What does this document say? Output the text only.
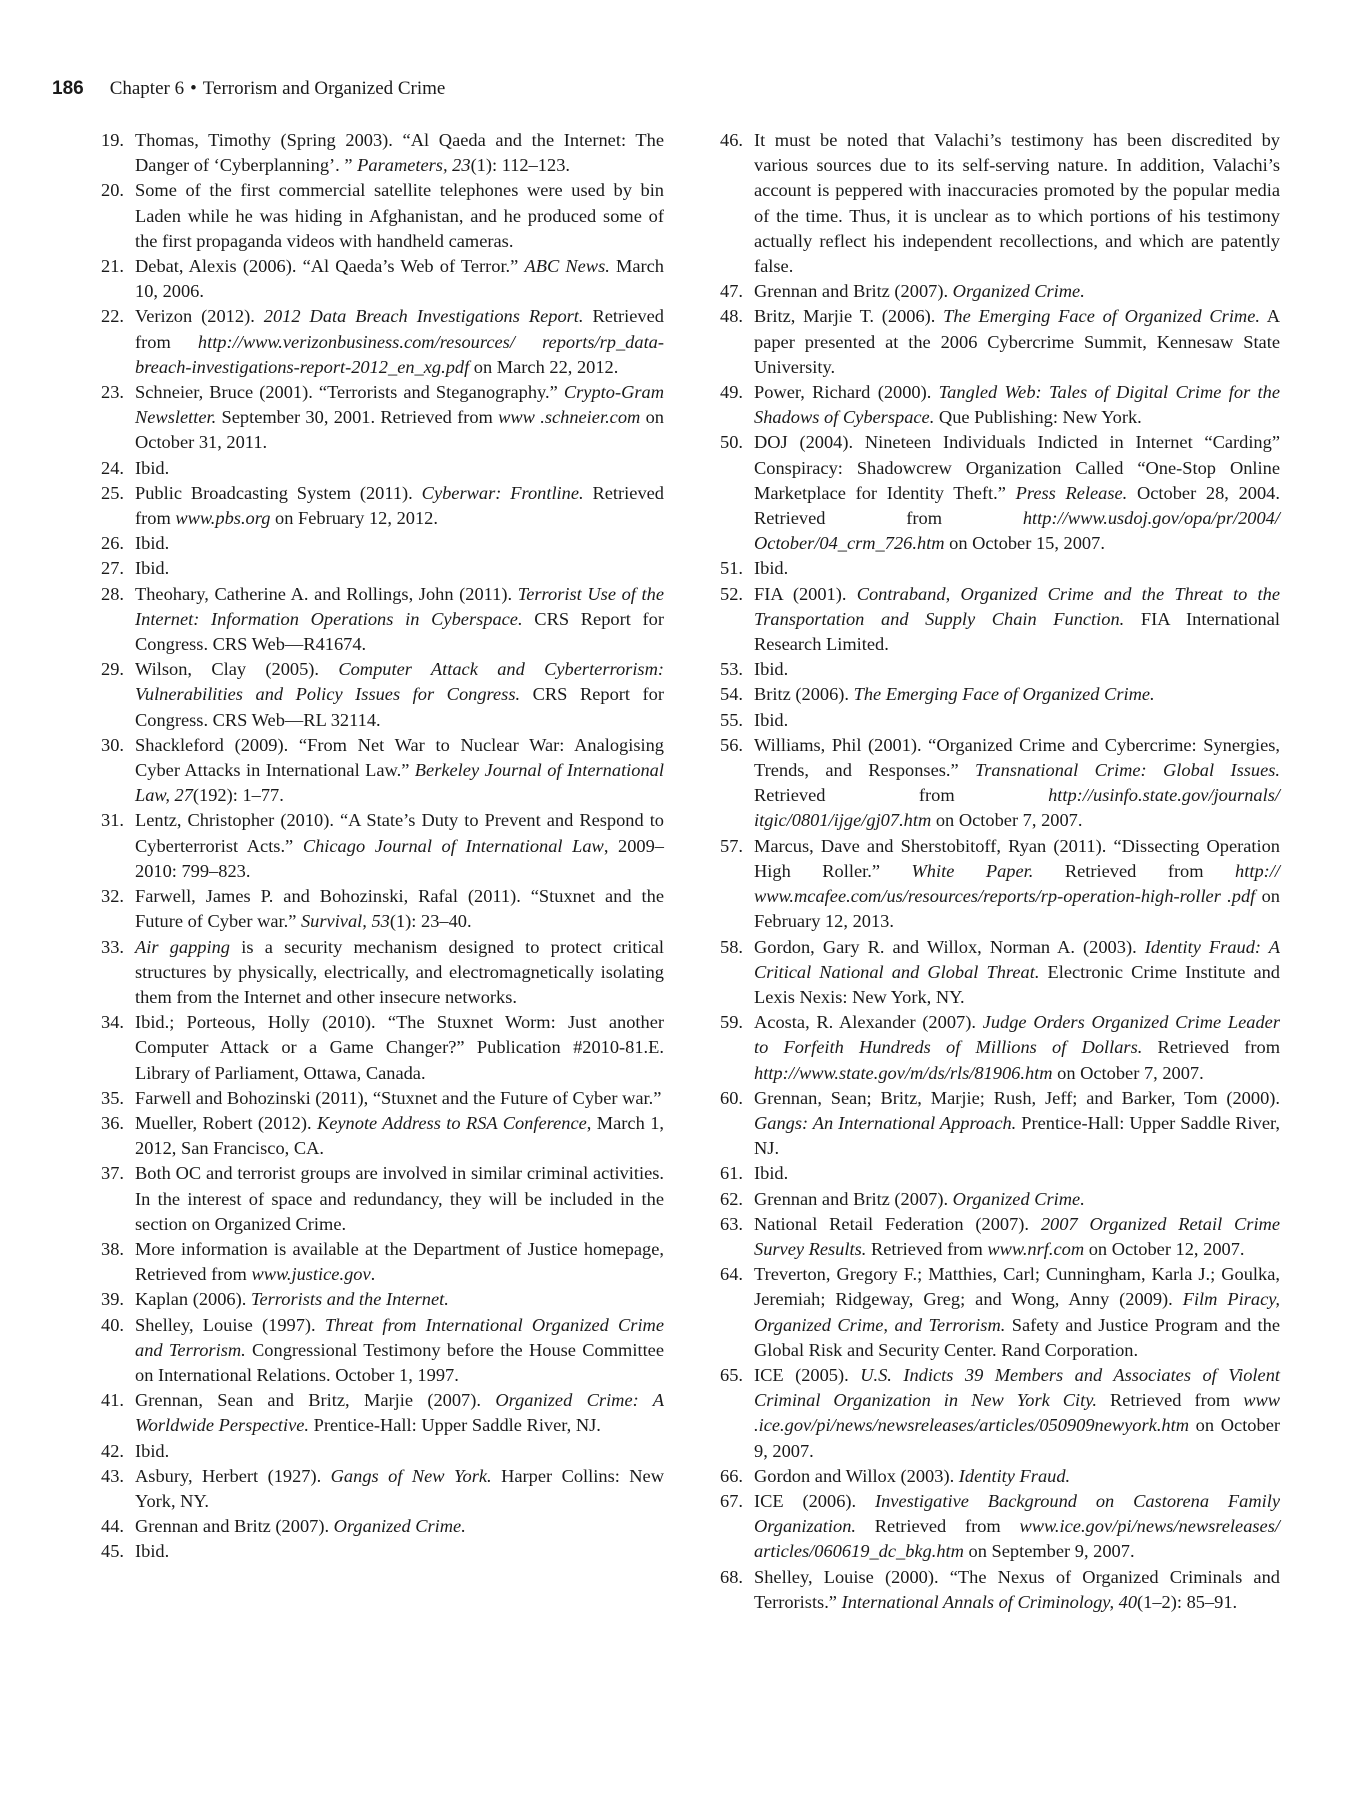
186 Chapter 6 • Terrorism and Organized Crime
19. Thomas, Timothy (Spring 2003). “Al Qaeda and the Internet: The Danger of ‘Cyberplanning’. ” Parameters, 23(1): 112–123.
20. Some of the first commercial satellite telephones were used by bin Laden while he was hiding in Afghanistan, and he produced some of the first propaganda videos with handheld cameras.
21. Debat, Alexis (2006). “Al Qaeda’s Web of Terror.” ABC News. March 10, 2006.
22. Verizon (2012). 2012 Data Breach Investigations Report. Retrieved from http://www.verizonbusiness.com/resources/ reports/rp_data-breach-investigations-report-2012_en_xg.pdf on March 22, 2012.
23. Schneier, Bruce (2001). “Terrorists and Steganography.” Crypto-Gram Newsletter. September 30, 2001. Retrieved from www .schneier.com on October 31, 2011.
24. Ibid.
25. Public Broadcasting System (2011). Cyberwar: Frontline. Retrieved from www.pbs.org on February 12, 2012.
26. Ibid.
27. Ibid.
28. Theohary, Catherine A. and Rollings, John (2011). Terrorist Use of the Internet: Information Operations in Cyberspace. CRS Report for Congress. CRS Web—R41674.
29. Wilson, Clay (2005). Computer Attack and Cyberterrorism: Vulnerabilities and Policy Issues for Congress. CRS Report for Congress. CRS Web—RL 32114.
30. Shackleford (2009). “From Net War to Nuclear War: Analogising Cyber Attacks in International Law.” Berkeley Journal of International Law, 27(192): 1–77.
31. Lentz, Christopher (2010). “A State’s Duty to Prevent and Respond to Cyberterrorist Acts.” Chicago Journal of International Law, 2009–2010: 799–823.
32. Farwell, James P. and Bohozinski, Rafal (2011). “Stuxnet and the Future of Cyber war.” Survival, 53(1): 23–40.
33. Air gapping is a security mechanism designed to protect critical structures by physically, electrically, and electromagnetically isolating them from the Internet and other insecure networks.
34. Ibid.; Porteous, Holly (2010). “The Stuxnet Worm: Just another Computer Attack or a Game Changer?” Publication #2010-81.E. Library of Parliament, Ottawa, Canada.
35. Farwell and Bohozinski (2011), “Stuxnet and the Future of Cyber war.”
36. Mueller, Robert (2012). Keynote Address to RSA Conference, March 1, 2012, San Francisco, CA.
37. Both OC and terrorist groups are involved in similar criminal activities. In the interest of space and redundancy, they will be included in the section on Organized Crime.
38. More information is available at the Department of Justice homepage, Retrieved from www.justice.gov.
39. Kaplan (2006). Terrorists and the Internet.
40. Shelley, Louise (1997). Threat from International Organized Crime and Terrorism. Congressional Testimony before the House Committee on International Relations. October 1, 1997.
41. Grennan, Sean and Britz, Marjie (2007). Organized Crime: A Worldwide Perspective. Prentice-Hall: Upper Saddle River, NJ.
42. Ibid.
43. Asbury, Herbert (1927). Gangs of New York. Harper Collins: New York, NY.
44. Grennan and Britz (2007). Organized Crime.
45. Ibid.
46. It must be noted that Valachi’s testimony has been discredited by various sources due to its self-serving nature. In addition, Valachi’s account is peppered with inaccuracies promoted by the popular media of the time. Thus, it is unclear as to which portions of his testimony actually reflect his independent recollections, and which are patently false.
47. Grennan and Britz (2007). Organized Crime.
48. Britz, Marjie T. (2006). The Emerging Face of Organized Crime. A paper presented at the 2006 Cybercrime Summit, Kennesaw State University.
49. Power, Richard (2000). Tangled Web: Tales of Digital Crime for the Shadows of Cyberspace. Que Publishing: New York.
50. DOJ (2004). Nineteen Individuals Indicted in Internet “Carding” Conspiracy: Shadowcrew Organization Called “One-Stop Online Marketplace for Identity Theft.” Press Release. October 28, 2004. Retrieved from http://www.usdoj.gov/opa/pr/2004/ October/04_crm_726.htm on October 15, 2007.
51. Ibid.
52. FIA (2001). Contraband, Organized Crime and the Threat to the Transportation and Supply Chain Function. FIA International Research Limited.
53. Ibid.
54. Britz (2006). The Emerging Face of Organized Crime.
55. Ibid.
56. Williams, Phil (2001). “Organized Crime and Cybercrime: Synergies, Trends, and Responses.” Transnational Crime: Global Issues. Retrieved from http://usinfo.state.gov/journals/ itgic/0801/ijge/gj07.htm on October 7, 2007.
57. Marcus, Dave and Sherstobitoff, Ryan (2011). “Dissecting Operation High Roller.” White Paper. Retrieved from http:// www.mcafee.com/us/resources/reports/rp-operation-high-roller .pdf on February 12, 2013.
58. Gordon, Gary R. and Willox, Norman A. (2003). Identity Fraud: A Critical National and Global Threat. Electronic Crime Institute and Lexis Nexis: New York, NY.
59. Acosta, R. Alexander (2007). Judge Orders Organized Crime Leader to Forfeith Hundreds of Millions of Dollars. Retrieved from http://www.state.gov/m/ds/rls/81906.htm on October 7, 2007.
60. Grennan, Sean; Britz, Marjie; Rush, Jeff; and Barker, Tom (2000). Gangs: An International Approach. Prentice-Hall: Upper Saddle River, NJ.
61. Ibid.
62. Grennan and Britz (2007). Organized Crime.
63. National Retail Federation (2007). 2007 Organized Retail Crime Survey Results. Retrieved from www.nrf.com on October 12, 2007.
64. Treverton, Gregory F.; Matthies, Carl; Cunningham, Karla J.; Goulka, Jeremiah; Ridgeway, Greg; and Wong, Anny (2009). Film Piracy, Organized Crime, and Terrorism. Safety and Justice Program and the Global Risk and Security Center. Rand Corporation.
65. ICE (2005). U.S. Indicts 39 Members and Associates of Violent Criminal Organization in New York City. Retrieved from www .ice.gov/pi/news/newsreleases/articles/050909newyork.htm on October 9, 2007.
66. Gordon and Willox (2003). Identity Fraud.
67. ICE (2006). Investigative Background on Castorena Family Organization. Retrieved from www.ice.gov/pi/news/newsreleases/ articles/060619_dc_bkg.htm on September 9, 2007.
68. Shelley, Louise (2000). “The Nexus of Organized Criminals and Terrorists.” International Annals of Criminology, 40(1–2): 85–91.
